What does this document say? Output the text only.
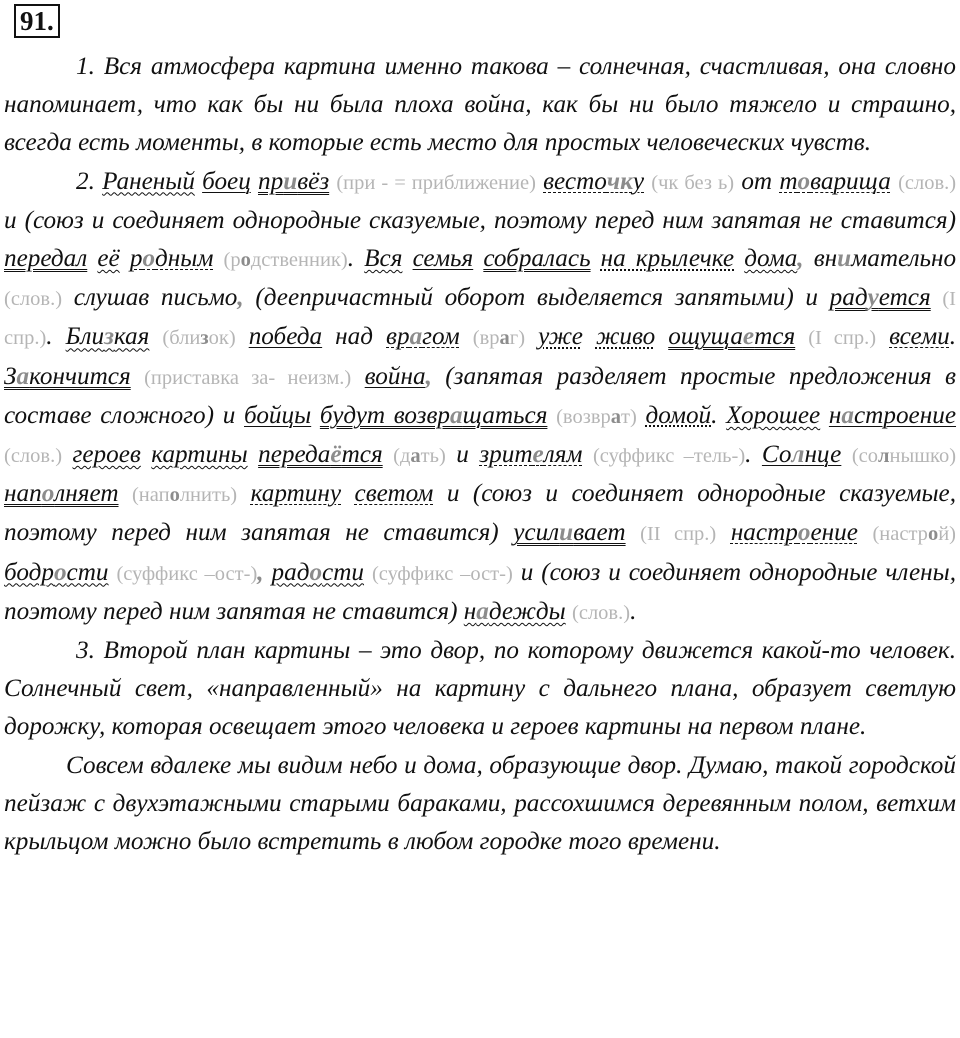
91.

1. Вся атмосфера картина именно такова – солнечная, счастливая, она словно напоминает, что как бы ни была плоха война, как бы ни было тяжело и страшно, всегда есть моменты, в которые есть место для простых человеческих чувств.

2. Раненый боец привёз (при - = приближение) весточку (чк без ь) от товарища (слов.) и (союз и соединяет однородные сказуемые, поэтому перед ним запятая не ставится) передал её родным (родственник). Вся семья собралась на крылечке дома, внимательно (слов.) слушав письмо, (деепричастный оборот выделяется запятыми) и радуется (I спр.). Близкая (близок) победа над врагом (враг) уже живо ощущается (I спр.) всеми. Закончится (приставка за- неизм.) война, (запятая разделяет простые предложения в составе сложного) и бойцы будут возвращаться (возврат) домой. Хорошее настроение (слов.) героев картины передаётся (дать) и зрителям (суффикс –тель-). Солнце (солнышко) наполняет (наполнить) картину светом и (союз и соединяет однородные сказуемые, поэтому перед ним запятая не ставится) усиливает (II спр.) настроение (настрой) бодрости (суффикс –ост-), радости (суффикс –ост-) и (союз и соединяет однородные члены, поэтому перед ним запятая не ставится) надежды (слов.).

3. Второй план картины – это двор, по которому движется какой-то человек. Солнечный свет, «направленный» на картину с дальнего плана, образует светлую дорожку, которая освещает этого человека и героев картины на первом плане.

Совсем вдалеке мы видим небо и дома, образующие двор. Думаю, такой городской пейзаж с двухэтажными старыми бараками, рассохшимся деревянным полом, ветхим крыльцом можно было встретить в любом городке того времени.
